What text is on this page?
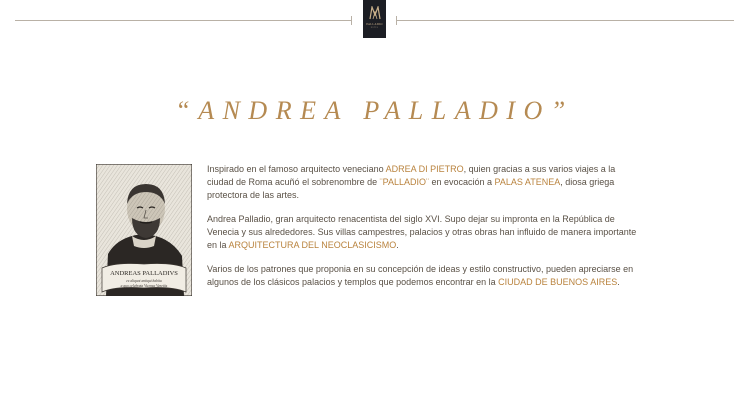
PALLADIO
HOTEL
“ANDREA PALLADIO”
ANDREAS PALLADIVS
ex aliquot antiqui habitu
a quo celebrata Vicenza Venetiis

Inspirado en el famoso arquitecto veneciano ADREA DI PIETRO, quien gracias a sus varios viajes a la ciudad de Roma acuñó el sobrenombre de ¨PALLADIO¨ en evocación a PALAS ATENEA, diosa griega protectora de las artes.

Andrea Palladio, gran arquitecto renacentista del siglo XVI. Supo dejar su impronta en la República de Venecia y sus alrededores. Sus villas campestres, palacios y otras obras han influido de manera importante en la ARQUITECTURA DEL NEOCLASICISMO.

Varios de los patrones que proponia en su concepción de ideas y estilo constructivo, pueden apreciarse en algunos de los clásicos palacios y templos que podemos encontrar en la CIUDAD DE BUENOS AIRES.
